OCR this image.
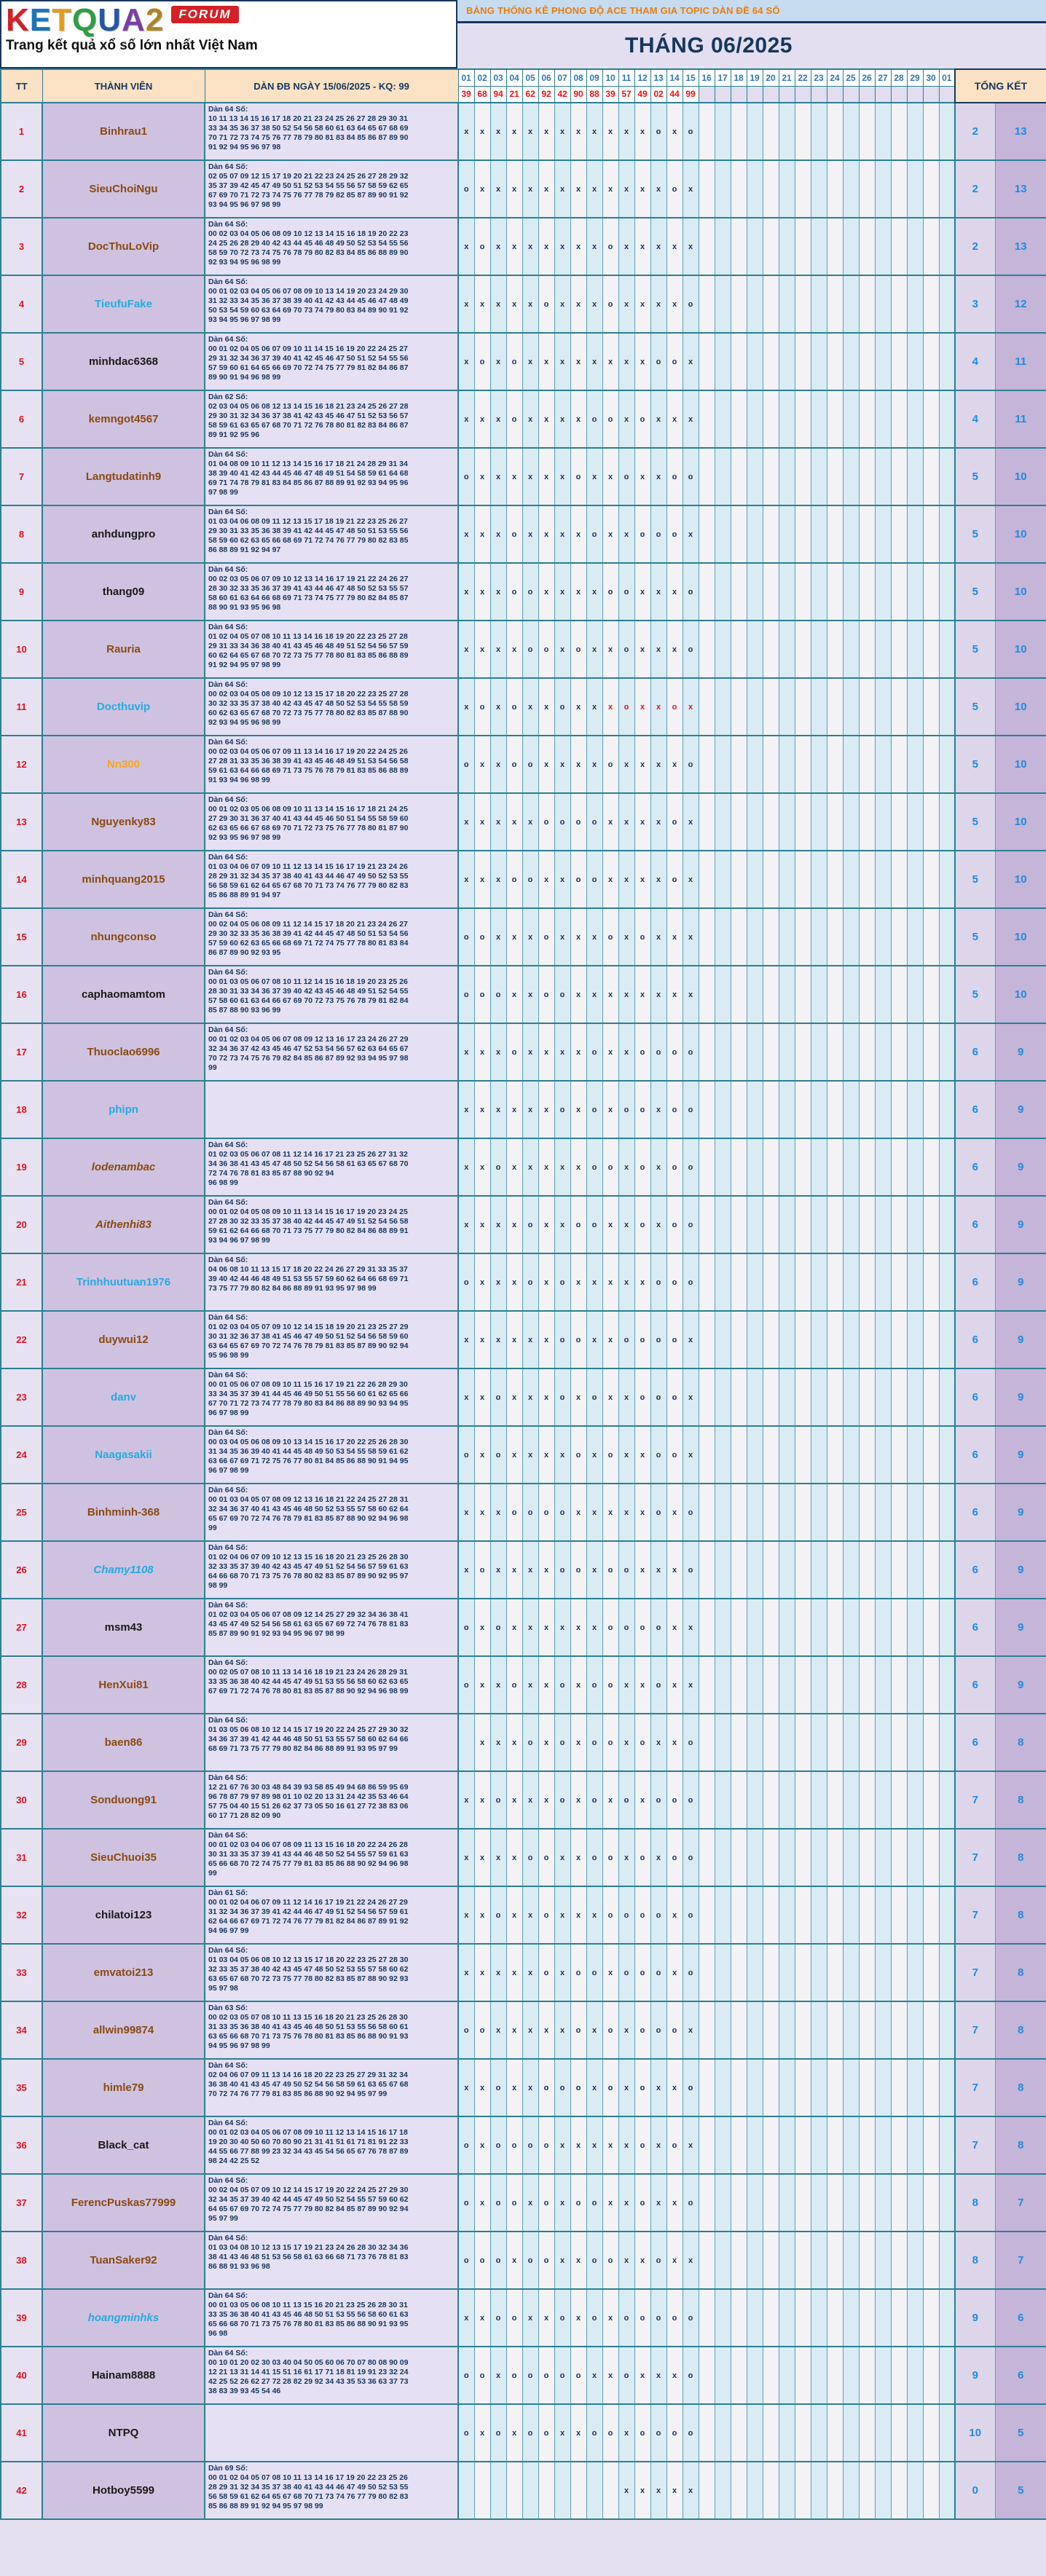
KETQUA2	FORUM
Trang kết quả xổ số lớn nhất Việt Nam
BẢNG THỐNG KÊ PHONG ĐỘ ACE THAM GIA TOPIC DÀN ĐỀ 64 SỐ
THÁNG 06/2025
TT	THÀNH VIÊN	DÀN ĐB NGÀY 15/06/2025 - KQ: 99	01	02	03	04	05	06	07	08	09	10	11	12	13	14	15	16	17	18	19	20	21	22	23	24	25	26	27	28	29	30	01	TỔNG KẾT	
			39	68	94	21	62	92	42	90	88	39	57	49	02	44	99																		
1	Binhrau1	Dàn 64 Số:
10 11 13 14 15 16 17 18 20 21 23 24 25 26 27 28 29 30 31
33 34 35 36 37 38 50 52 54 56 58 60 61 63 64 65 67 68 69
70 71 72 73 74 75 76 77 78 79 80 81 83 84 85 86 87 89 90
91 92 94 95 96 97 98	x	x	x	x	x	x	x	x	x	x	x	x	o	x	o																	2	13
2	SieuChoiNgu	Dàn 64 Số:
02 05 07 09 12 15 17 19 20 21 22 23 24 25 26 27 28 29 32
35 37 39 42 45 47 49 50 51 52 53 54 55 56 57 58 59 62 65
67 69 70 71 72 73 74 75 76 77 78 79 82 85 87 89 90 91 92
93 94 95 96 97 98 99	o	x	x	x	x	x	x	x	x	x	x	x	x	o	x																	2	13
3	DocThuLoVip	Dàn 64 Số:
00 02 03 04 05 06 08 09 10 12 13 14 15 16 18 19 20 22 23
24 25 26 28 29 40 42 43 44 45 46 48 49 50 52 53 54 55 56
58 59 70 72 73 74 75 76 78 79 80 82 83 84 85 86 88 89 90
92 93 94 95 96 98 99	x	o	x	x	x	x	x	x	x	o	x	x	x	x	x																	2	13
4	TieufuFake	Dàn 64 Số:
00 01 02 03 04 05 06 07 08 09 10 13 14 19 20 23 24 29 30
31 32 33 34 35 36 37 38 39 40 41 42 43 44 45 46 47 48 49
50 53 54 59 60 63 64 69 70 73 74 79 80 83 84 89 90 91 92
93 94 95 96 97 98 99	x	x	x	x	x	o	x	x	x	o	x	x	x	x	o																	3	12
5	minhdac6368	Dàn 64 Số:
00 01 02 04 05 06 07 09 10 11 14 15 16 19 20 22 24 25 27
29 31 32 34 36 37 39 40 41 42 45 46 47 50 51 52 54 55 56
57 59 60 61 64 65 66 69 70 72 74 75 77 79 81 82 84 86 87
89 90 91 94 96 98 99	x	o	x	o	x	x	x	x	x	x	x	x	o	o	x																	4	11
6	kemngot4567	Dàn 62 Số:
02 03 04 05 06 08 12 13 14 15 16 18 21 23 24 25 26 27 28
29 30 31 32 34 36 37 38 41 42 43 45 46 47 51 52 53 56 57
58 59 61 63 65 67 68 70 71 72 76 78 80 81 82 83 84 86 87
89 91 92 95 96	x	x	x	o	x	x	x	x	o	o	x	o	x	x	x																	4	11
7	Langtudatinh9	Dàn 64 Số:
01 04 08 09 10 11 12 13 14 15 16 17 18 21 24 28 29 31 34
38 39 40 41 42 43 44 45 46 47 48 49 51 54 58 59 61 64 68
69 71 74 78 79 81 83 84 85 86 87 88 89 91 92 93 94 95 96
97 98 99	o	x	x	x	x	x	x	o	x	x	o	x	x	o	o																	5	10
8	anhdungpro	Dàn 64 Số:
01 03 04 06 08 09 11 12 13 15 17 18 19 21 22 23 25 26 27
29 30 31 33 35 36 38 39 41 42 44 45 47 48 50 51 53 55 56
58 59 60 62 63 65 66 68 69 71 72 74 76 77 79 80 82 83 85
86 88 89 91 92 94 97	x	x	x	o	x	x	x	x	o	x	x	o	o	o	x																	5	10
9	thang09	Dàn 64 Số:
00 02 03 05 06 07 09 10 12 13 14 16 17 19 21 22 24 26 27
28 30 32 33 35 36 37 39 41 43 44 46 47 48 50 52 53 55 57
58 60 61 63 64 66 68 69 71 73 74 75 77 79 80 82 84 85 87
88 90 91 93 95 96 98	x	x	x	o	o	x	x	x	x	o	o	x	x	x	o																	5	10
10	Rauria	Dàn 64 Số:
01 02 04 05 07 08 10 11 13 14 16 18 19 20 22 23 25 27 28
29 31 33 34 36 38 40 41 43 45 46 48 49 51 52 54 56 57 59
60 62 64 65 67 68 70 72 73 75 77 78 80 81 83 85 86 88 89
91 92 94 95 97 98 99	x	x	x	x	o	o	x	o	x	x	o	x	x	x	o																	5	10
11	Docthuvip	Dàn 64 Số:
00 02 03 04 05 08 09 10 12 13 15 17 18 20 22 23 25 27 28
30 32 33 35 37 38 40 42 43 45 47 48 50 52 53 54 55 58 59
60 62 63 65 67 68 70 72 73 75 77 78 80 82 83 85 87 88 90
92 93 94 95 96 98 99	x	o	x	o	x	x	o	x	x	x	o	x	x	o	x																	5	10
12	Nn300	Dàn 64 Số:
00 02 03 04 05 06 07 09 11 13 14 16 17 19 20 22 24 25 26
27 28 31 33 35 36 38 39 41 43 45 46 48 49 51 53 54 56 58
59 61 63 64 66 68 69 71 73 75 76 78 79 81 83 85 86 88 89
91 93 94 96 98 99	o	x	x	o	o	x	x	x	x	o	x	x	x	x	o																	5	10
13	Nguyenky83	Dàn 64 Số:
00 01 02 03 05 06 08 09 10 11 13 14 15 16 17 18 21 24 25
27 29 30 31 36 37 40 41 43 44 45 46 50 51 54 55 58 59 60
62 63 65 66 67 68 69 70 71 72 73 75 76 77 78 80 81 87 90
92 93 95 96 97 98 99	x	x	x	x	x	o	o	o	o	x	x	x	x	o	x																	5	10
14	minhquang2015	Dàn 64 Số:
01 03 04 06 07 09 10 11 12 13 14 15 16 17 19 21 23 24 26
28 29 31 32 34 35 37 38 40 41 43 44 46 47 49 50 52 53 55
56 58 59 61 62 64 65 67 68 70 71 73 74 76 77 79 80 82 83
85 86 88 89 91 94 97	x	x	x	o	o	x	x	o	o	x	x	x	x	o	x																	5	10
15	nhungconso	Dàn 64 Số:
00 02 04 05 06 08 09 11 12 14 15 17 18 20 21 23 24 26 27
29 30 32 33 35 36 38 39 41 42 44 45 47 48 50 51 53 54 56
57 59 60 62 63 65 66 68 69 71 72 74 75 77 78 80 81 83 84
86 87 89 90 92 93 95	o	o	x	x	x	o	x	x	x	o	x	o	x	x	x																	5	10
16	caphaomamtom	Dàn 64 Số:
00 01 03 05 06 07 08 10 11 12 14 15 16 18 19 20 23 25 26
28 30 31 33 34 36 37 39 40 42 43 45 46 48 49 51 52 54 55
57 58 60 61 63 64 66 67 69 70 72 73 75 76 78 79 81 82 84
85 87 88 90 93 96 99	o	o	o	x	x	o	o	x	x	x	x	x	x	x	x																	5	10
17	Thuoclao6996	Dàn 64 Số:
00 01 02 03 04 05 06 07 08 09 12 13 16 17 23 24 26 27 29
32 34 36 37 42 43 45 46 47 52 53 54 56 57 62 63 64 65 67
70 72 73 74 75 76 79 82 84 85 86 87 89 92 93 94 95 97 98
99	x	x	x	o	x	x	x	x	o	x	x	o	o	o	o																	6	9
18	phipn		x	x	x	x	x	x	o	x	o	x	o	o	x	o	o																	6	9
19	lodenambac	Dàn 64 Số:
01 02 03 05 06 07 08 11 12 14 16 17 21 23 25 26 27 31 32
34 36 38 41 43 45 47 48 50 52 54 56 58 61 63 65 67 68 70
72 74 76 78 81 83 85 87 88 90 92 94
96 98 99	x	x	o	x	x	x	x	x	o	o	x	o	x	o	o																	6	9
20	Aithenhi83	Dàn 64 Số:
00 01 02 04 05 08 09 10 11 13 14 15 16 17 19 20 23 24 25
27 28 30 32 33 35 37 38 40 42 44 45 47 49 51 52 54 56 58
59 61 62 64 66 68 70 71 73 75 77 79 80 82 84 86 88 89 91
93 94 96 97 98 99	x	x	x	x	o	x	x	o	o	x	x	o	x	o	o																	6	9
21	Trinhhuutuan1976	Dàn 64 Số:
04 06 08 10 11 13 15 17 18 20 22 24 26 27 29 31 33 35 37
39 40 42 44 46 48 49 51 53 55 57 59 60 62 64 66 68 69 71
73 75 77 79 80 82 84 86 88 89 91 93 95 97 98 99	o	x	x	x	o	x	o	x	x	x	x	x	o	o	o																	6	9
22	duywui12	Dàn 64 Số:
01 02 03 04 05 07 09 10 12 14 15 18 19 20 21 23 25 27 29
30 31 32 36 37 38 41 45 46 47 49 50 51 52 54 56 58 59 60
63 64 65 67 69 70 72 74 76 78 79 81 83 85 87 89 90 92 94
95 96 98 99	x	x	x	x	x	x	o	o	x	x	o	o	o	o	x																	6	9
23	danv	Dàn 64 Số:
00 01 05 06 07 08 09 10 11 15 16 17 19 21 22 26 28 29 30
33 34 35 37 39 41 44 45 46 49 50 51 55 56 60 61 62 65 66
67 70 71 72 73 74 77 78 79 80 83 84 86 88 89 90 93 94 95
96 97 98 99	x	x	o	x	x	x	o	x	o	x	x	o	o	o	x																	6	9
24	Naagasakii	Dàn 64 Số:
00 03 04 05 06 08 09 10 13 14 15 16 17 20 22 25 26 28 30
31 34 35 36 39 40 41 44 45 48 49 50 53 54 55 58 59 61 62
63 66 67 69 71 72 75 76 77 80 81 84 85 86 88 90 91 94 95
96 97 98 99	o	x	o	x	x	x	x	o	x	o	x	x	o	o	x																	6	9
25	Binhminh-368	Dàn 64 Số:
00 01 03 04 05 07 08 09 12 13 16 18 21 22 24 25 27 28 31
32 34 36 37 40 41 43 45 46 48 50 52 53 55 57 58 60 62 64
65 67 69 70 72 74 76 78 79 81 83 85 87 88 90 92 94 96 98
99	x	x	x	o	o	o	o	x	x	x	x	x	o	x	o																	6	9
26	Chamy1108	Dàn 64 Số:
01 02 04 06 07 09 10 12 13 15 16 18 20 21 23 25 26 28 30
32 33 35 37 39 40 42 43 45 47 49 51 52 54 56 57 59 61 63
64 66 68 70 71 73 75 76 78 80 82 83 85 87 89 90 92 95 97
98 99	x	o	x	x	x	x	o	o	x	o	o	x	x	x	o																	6	9
27	msm43	Dàn 64 Số:
01 02 03 04 05 06 07 08 09 12 14 25 27 29 32 34 36 38 41
43 45 47 49 52 54 56 58 61 63 65 67 69 72 74 76 78 81 83
85 87 89 90 91 92 93 94 95 96 97 98 99	o	x	o	x	x	x	x	x	x	o	o	o	o	x	x																	6	9
28	HenXui81	Dàn 64 Số:
00 02 05 07 08 10 11 13 14 16 18 19 21 23 24 26 28 29 31
33 35 36 38 40 42 44 45 47 49 51 53 55 56 58 60 62 63 65
67 69 71 72 74 76 78 80 81 83 85 87 88 90 92 94 96 98 99	o	x	x	o	x	x	o	x	o	o	x	x	o	x	x																	6	9
29	baen86	Dàn 64 Số:
01 03 05 06 08 10 12 14 15 17 19 20 22 24 25 27 29 30 32
34 36 37 39 41 42 44 46 48 50 51 53 55 57 58 60 62 64 66
68 69 71 73 75 77 79 80 82 84 86 88 89 91 93 95 97 99		x	x	x	o	x	o	x	o	o	x	o	x	x	o																	6	8
30	Sonduong91	Dàn 64 Số:
12 21 67 76 30 03 48 84 39 93 58 85 49 94 68 86 59 95 69
96 78 87 79 97 89 98 01 10 02 20 13 31 24 42 35 53 46 64
57 75 04 40 15 51 26 62 37 73 05 50 16 61 27 72 38 83 06
60 17 71 28 82 09 90	x	x	o	x	x	x	o	x	o	x	o	x	o	o	o																	7	8
31	SieuChuoi35	Dàn 64 Số:
00 01 02 03 04 06 07 08 09 11 13 15 16 18 20 22 24 26 28
30 31 33 35 37 39 41 43 44 46 48 50 52 54 55 57 59 61 63
65 66 68 70 72 74 75 77 79 81 83 85 86 88 90 92 94 96 98
99	x	x	x	x	o	o	x	x	o	o	x	o	x	o	o																	7	8
32	chilatoi123	Dàn 61 Số:
00 01 02 04 06 07 09 11 12 14 16 17 19 21 22 24 26 27 29
31 32 34 36 37 39 41 42 44 46 47 49 51 52 54 56 57 59 61
62 64 66 67 69 71 72 74 76 77 79 81 82 84 86 87 89 91 92
94 96 97 99	x	x	o	x	x	o	x	x	x	o	o	o	o	x	o																	7	8
33	emvatoi213	Dàn 64 Số:
01 03 04 05 06 08 10 12 13 15 17 18 20 22 23 25 27 28 30
32 33 35 37 38 40 42 43 45 47 48 50 52 53 55 57 58 60 62
63 65 67 68 70 72 73 75 77 78 80 82 83 85 87 88 90 92 93
95 97 98	x	x	x	x	x	o	x	o	o	x	o	o	o	x	o																	7	8
34	allwin99874	Dàn 63 Số:
00 02 03 05 07 08 10 11 13 15 16 18 20 21 23 25 26 28 30
31 33 35 36 38 40 41 43 45 46 48 50 51 53 55 56 58 60 61
63 65 66 68 70 71 73 75 76 78 80 81 83 85 86 88 90 91 93
94 95 96 97 98 99	o	o	x	x	x	x	x	o	x	o	x	o	o	o	x																	7	8
35	himle79	Dàn 64 Số:
02 04 06 07 09 11 13 14 16 18 20 22 23 25 27 29 31 32 34
36 38 40 41 43 45 47 49 50 52 54 56 58 59 61 63 65 67 68
70 72 74 76 77 79 81 83 85 86 88 90 92 94 95 97 99	x	x	o	x	x	o	o	o	x	o	x	o	x	x	o																	7	8
36	Black_cat	Dàn 64 Số:
00 01 02 03 04 05 06 07 08 09 10 11 12 13 14 15 16 17 18
19 20 30 40 50 60 70 80 90 21 31 41 51 61 71 81 91 22 33
44 55 66 77 88 99 23 32 34 43 45 54 56 65 67 76 78 87 89
98 24 42 25 52	o	x	o	o	o	o	x	x	x	x	x	o	x	o	x																	7	8
37	FerencPuskas77999	Dàn 64 Số:
00 02 04 05 07 09 10 12 14 15 17 19 20 22 24 25 27 29 30
32 34 35 37 39 40 42 44 45 47 49 50 52 54 55 57 59 60 62
64 65 67 69 70 72 74 75 77 79 80 82 84 85 87 89 90 92 94
95 97 99	o	x	o	o	x	o	x	o	o	x	x	o	x	x	o																	8	7
38	TuanSaker92	Dàn 64 Số:
01 03 04 08 10 12 13 15 17 19 21 23 24 26 28 30 32 34 36
38 41 43 46 48 51 53 56 58 61 63 66 68 71 73 76 78 81 83
86 88 91 93 96 98	o	o	o	x	o	o	x	x	o	o	x	x	o	x	x																	8	7
39	hoangminhks	Dàn 64 Số:
00 01 03 05 06 08 10 11 13 15 16 20 21 23 25 26 28 30 31
33 35 36 38 40 41 43 45 46 48 50 51 53 55 56 58 60 61 63
65 66 68 70 71 73 75 76 78 80 81 83 85 86 88 90 91 93 95
96 98	x	x	o	o	x	x	o	x	o	x	o	o	o	o	o																	9	6
40	Hainam8888	Dàn 64 Số:
00 10 01 20 02 30 03 40 04 50 05 60 06 70 07 80 08 90 09
12 21 13 31 14 41 15 51 16 61 17 71 18 81 19 91 23 32 24
42 25 52 26 62 27 72 28 82 29 92 34 43 35 53 36 63 37 73
38 83 39 93 45 54 46	o	o	x	o	o	o	o	o	x	x	o	x	x	x	o																	9	6
41	NTPQ		o	x	o	x	o	o	x	x	o	o	x	o	o	o	o																	10	5
42	Hotboy5599	Dàn 69 Số:
00 01 02 04 05 07 08 10 11 13 14 16 17 19 20 22 23 25 26
28 29 31 32 34 35 37 38 40 41 43 44 46 47 49 50 52 53 55
56 58 59 61 62 64 65 67 68 70 71 73 74 76 77 79 80 82 83
85 86 88 89 91 92 94 95 97 98 99											x	x	x	x	x																	0	5
